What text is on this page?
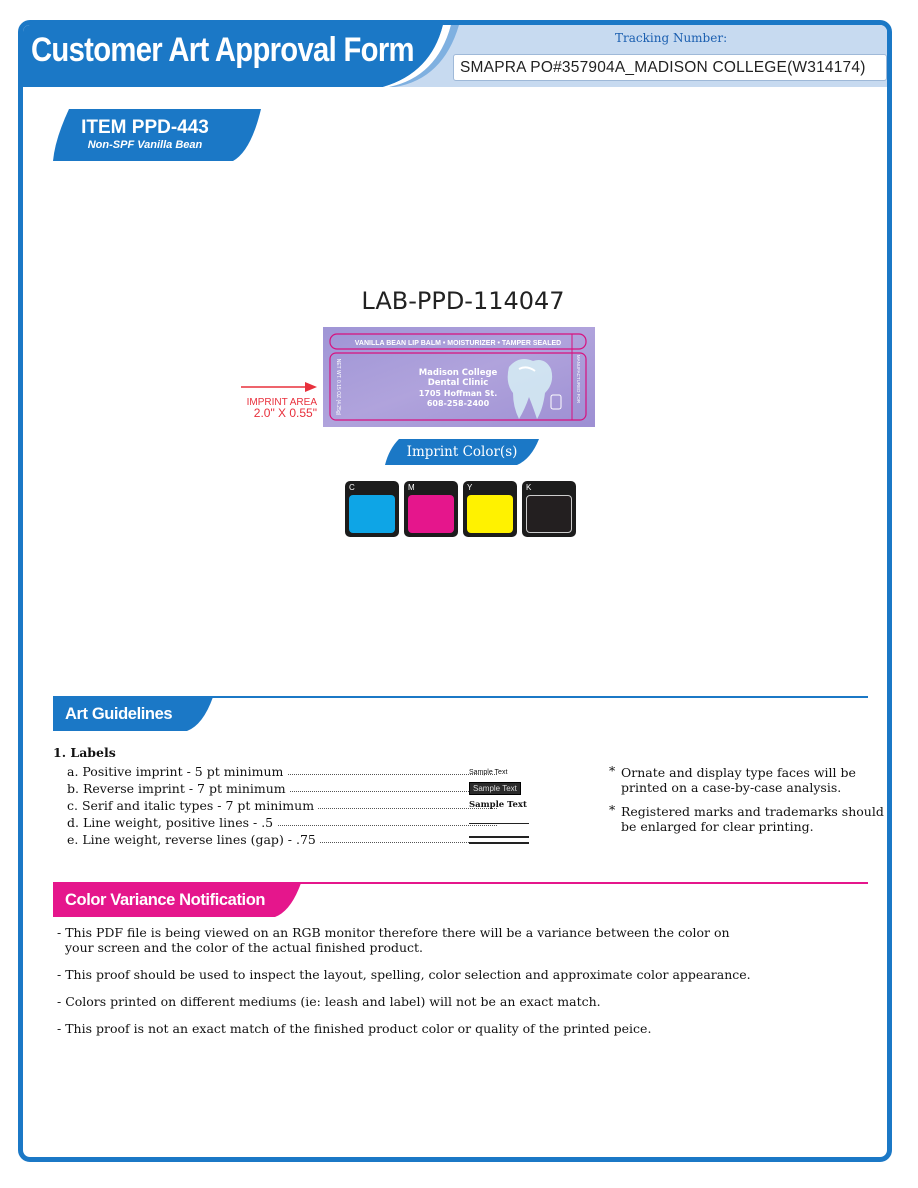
Customer Art Approval Form	Tracking Number:
SMAPRA PO#357904A_MADISON COLLEGE(W314174)
ITEM PPD-443
Non-SPF Vanilla Bean
LAB-PPD-114047
VANILLA BEAN LIP BALM • MOISTURIZER • TAMPER SEALED
NET WT. 0.15 OZ (4.25g)	MANUFACTURED FOR
Madison College
Dental Clinic
1705 Hoffman St.
608-258-2400
IMPRINT AREA
2.0" X 0.55"
Imprint Color(s)
C	M	Y	K
Art Guidelines
1. Labels
a. Positive imprint - 5 pt minimum	Sample Text
b. Reverse imprint - 7 pt minimum	Sample Text
c. Serif and italic types - 7 pt minimum	Sample Text
d. Line weight, positive lines - .5
e. Line weight, reverse lines (gap) - .75
* Ornate and display type faces will be printed on a case-by-case analysis.
* Registered marks and trademarks should be enlarged for clear printing.
Color Variance Notification
- This PDF file is being viewed on an RGB monitor therefore there will be a variance between the color on your screen and the color of the actual finished product.
- This proof should be used to inspect the layout, spelling, color selection and approximate color appearance.
- Colors printed on different mediums (ie: leash and label) will not be an exact match.
- This proof is not an exact match of the finished product color or quality of the printed peice.
